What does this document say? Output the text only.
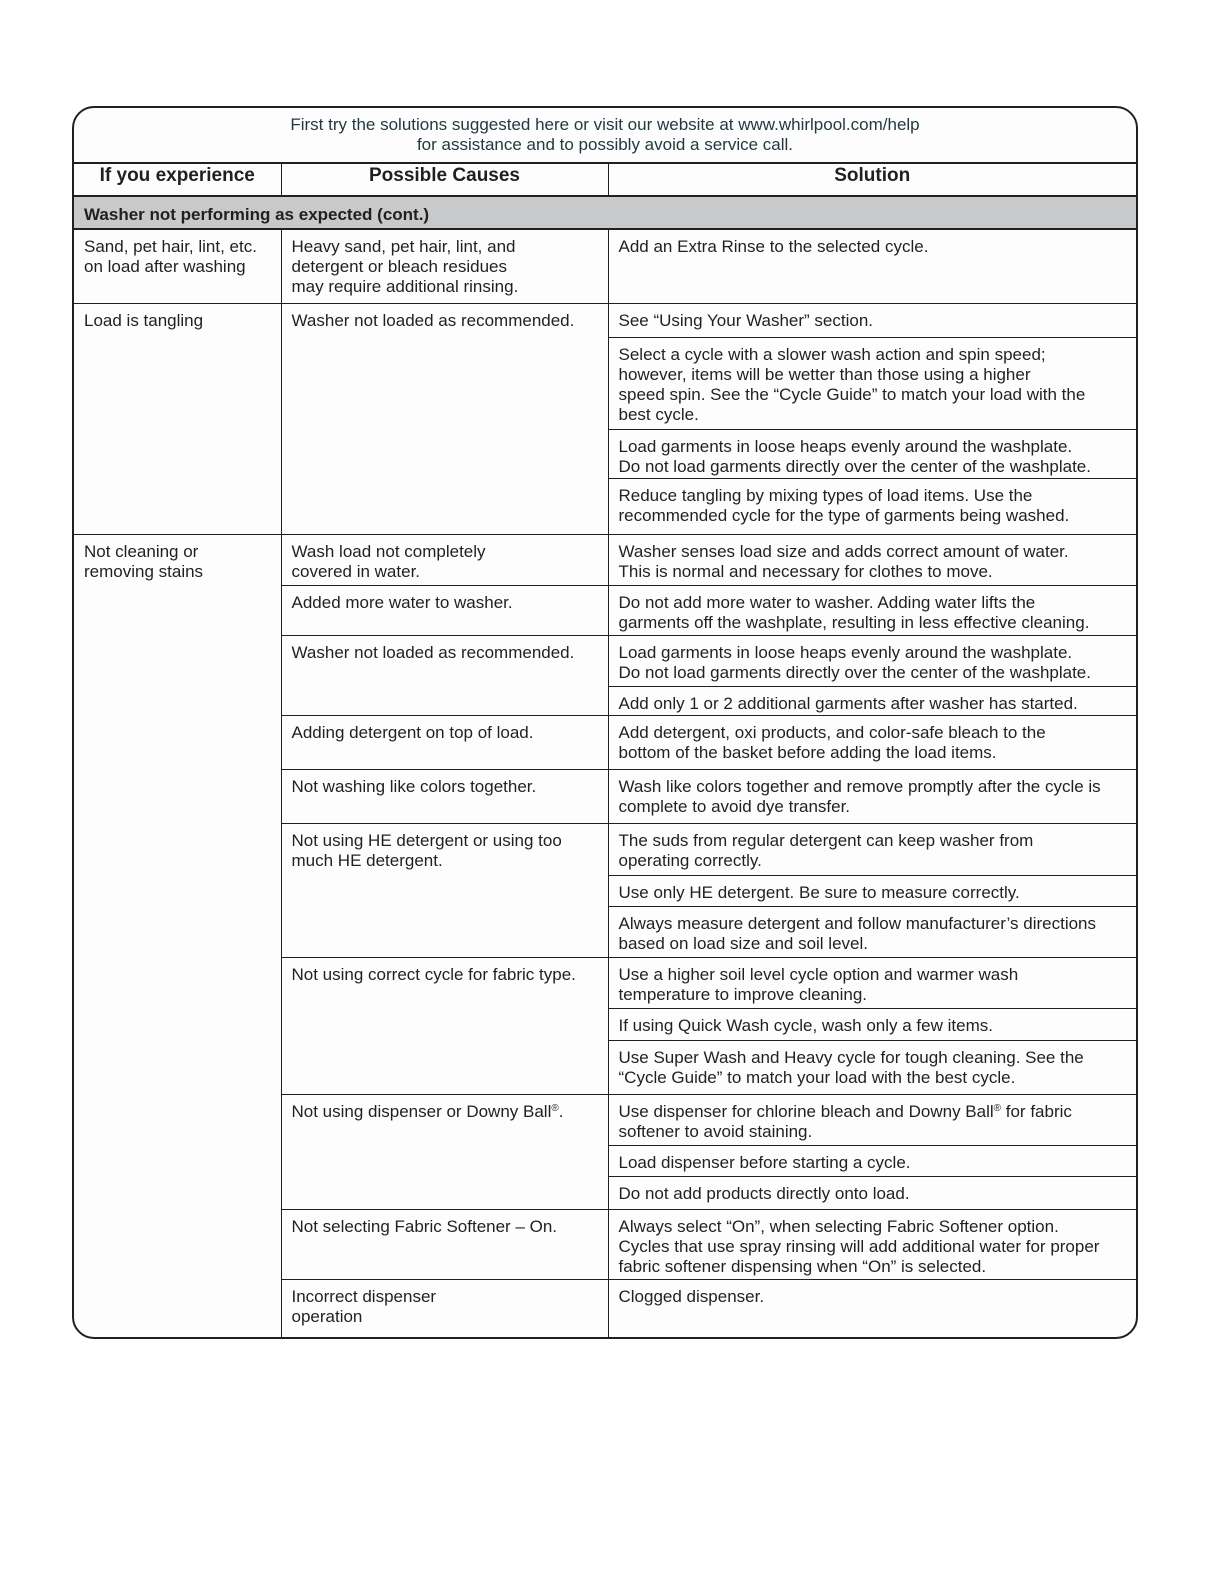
First try the solutions suggested here or visit our website at www.whirlpool.com/help
for assistance and to possibly avoid a service call.
If you experience	Possible Causes	Solution	
Washer not performing as expected (cont.)			

Sand, pet hair, lint, etc.
on load after washing	Heavy sand, pet hair, lint, and
detergent or bleach residues
may require additional rinsing.	Add an Extra Rinse to the selected cycle.	

Load is tangling	Washer not loaded as recommended.	See “Using Your Washer” section.	

		Select a cycle with a slower wash action and spin speed;
however, items will be wetter than those using a higher
speed spin. See the “Cycle Guide” to match your load with the
best cycle.	

		Load garments in loose heaps evenly around the washplate.
Do not load garments directly over the center of the washplate.	

		Reduce tangling by mixing types of load items. Use the
recommended cycle for the type of garments being washed.	

Not cleaning or
removing stains	Wash load not completely
covered in water.	Washer senses load size and adds correct amount of water.
This is normal and necessary for clothes to move.	

	Added more water to washer.	Do not add more water to washer. Adding water lifts the
garments off the washplate, resulting in less effective cleaning.	

	Washer not loaded as recommended.	Load garments in loose heaps evenly around the washplate.
Do not load garments directly over the center of the washplate.	

		Add only 1 or 2 additional garments after washer has started.	

	Adding detergent on top of load.	Add detergent, oxi products, and color-safe bleach to the
bottom of the basket before adding the load items.	

	Not washing like colors together.	Wash like colors together and remove promptly after the cycle is
complete to avoid dye transfer.	

	Not using HE detergent or using too
much HE detergent.	The suds from regular detergent can keep washer from
operating correctly.	

		Use only HE detergent. Be sure to measure correctly.	

		Always measure detergent and follow manufacturer’s directions
based on load size and soil level.	

	Not using correct cycle for fabric type.	Use a higher soil level cycle option and warmer wash
temperature to improve cleaning.	

		If using Quick Wash cycle, wash only a few items.	

		Use Super Wash and Heavy cycle for tough cleaning. See the
“Cycle Guide” to match your load with the best cycle.	

	Not using dispenser or Downy Ball®.	Use dispenser for chlorine bleach and Downy Ball® for fabric
softener to avoid staining.	

		Load dispenser before starting a cycle.	

		Do not add products directly onto load.	

	Not selecting Fabric Softener – On.	Always select “On”, when selecting Fabric Softener option.
Cycles that use spray rinsing will add additional water for proper
fabric softener dispensing when “On” is selected.	

	Incorrect dispenser
operation	Clogged dispenser.
